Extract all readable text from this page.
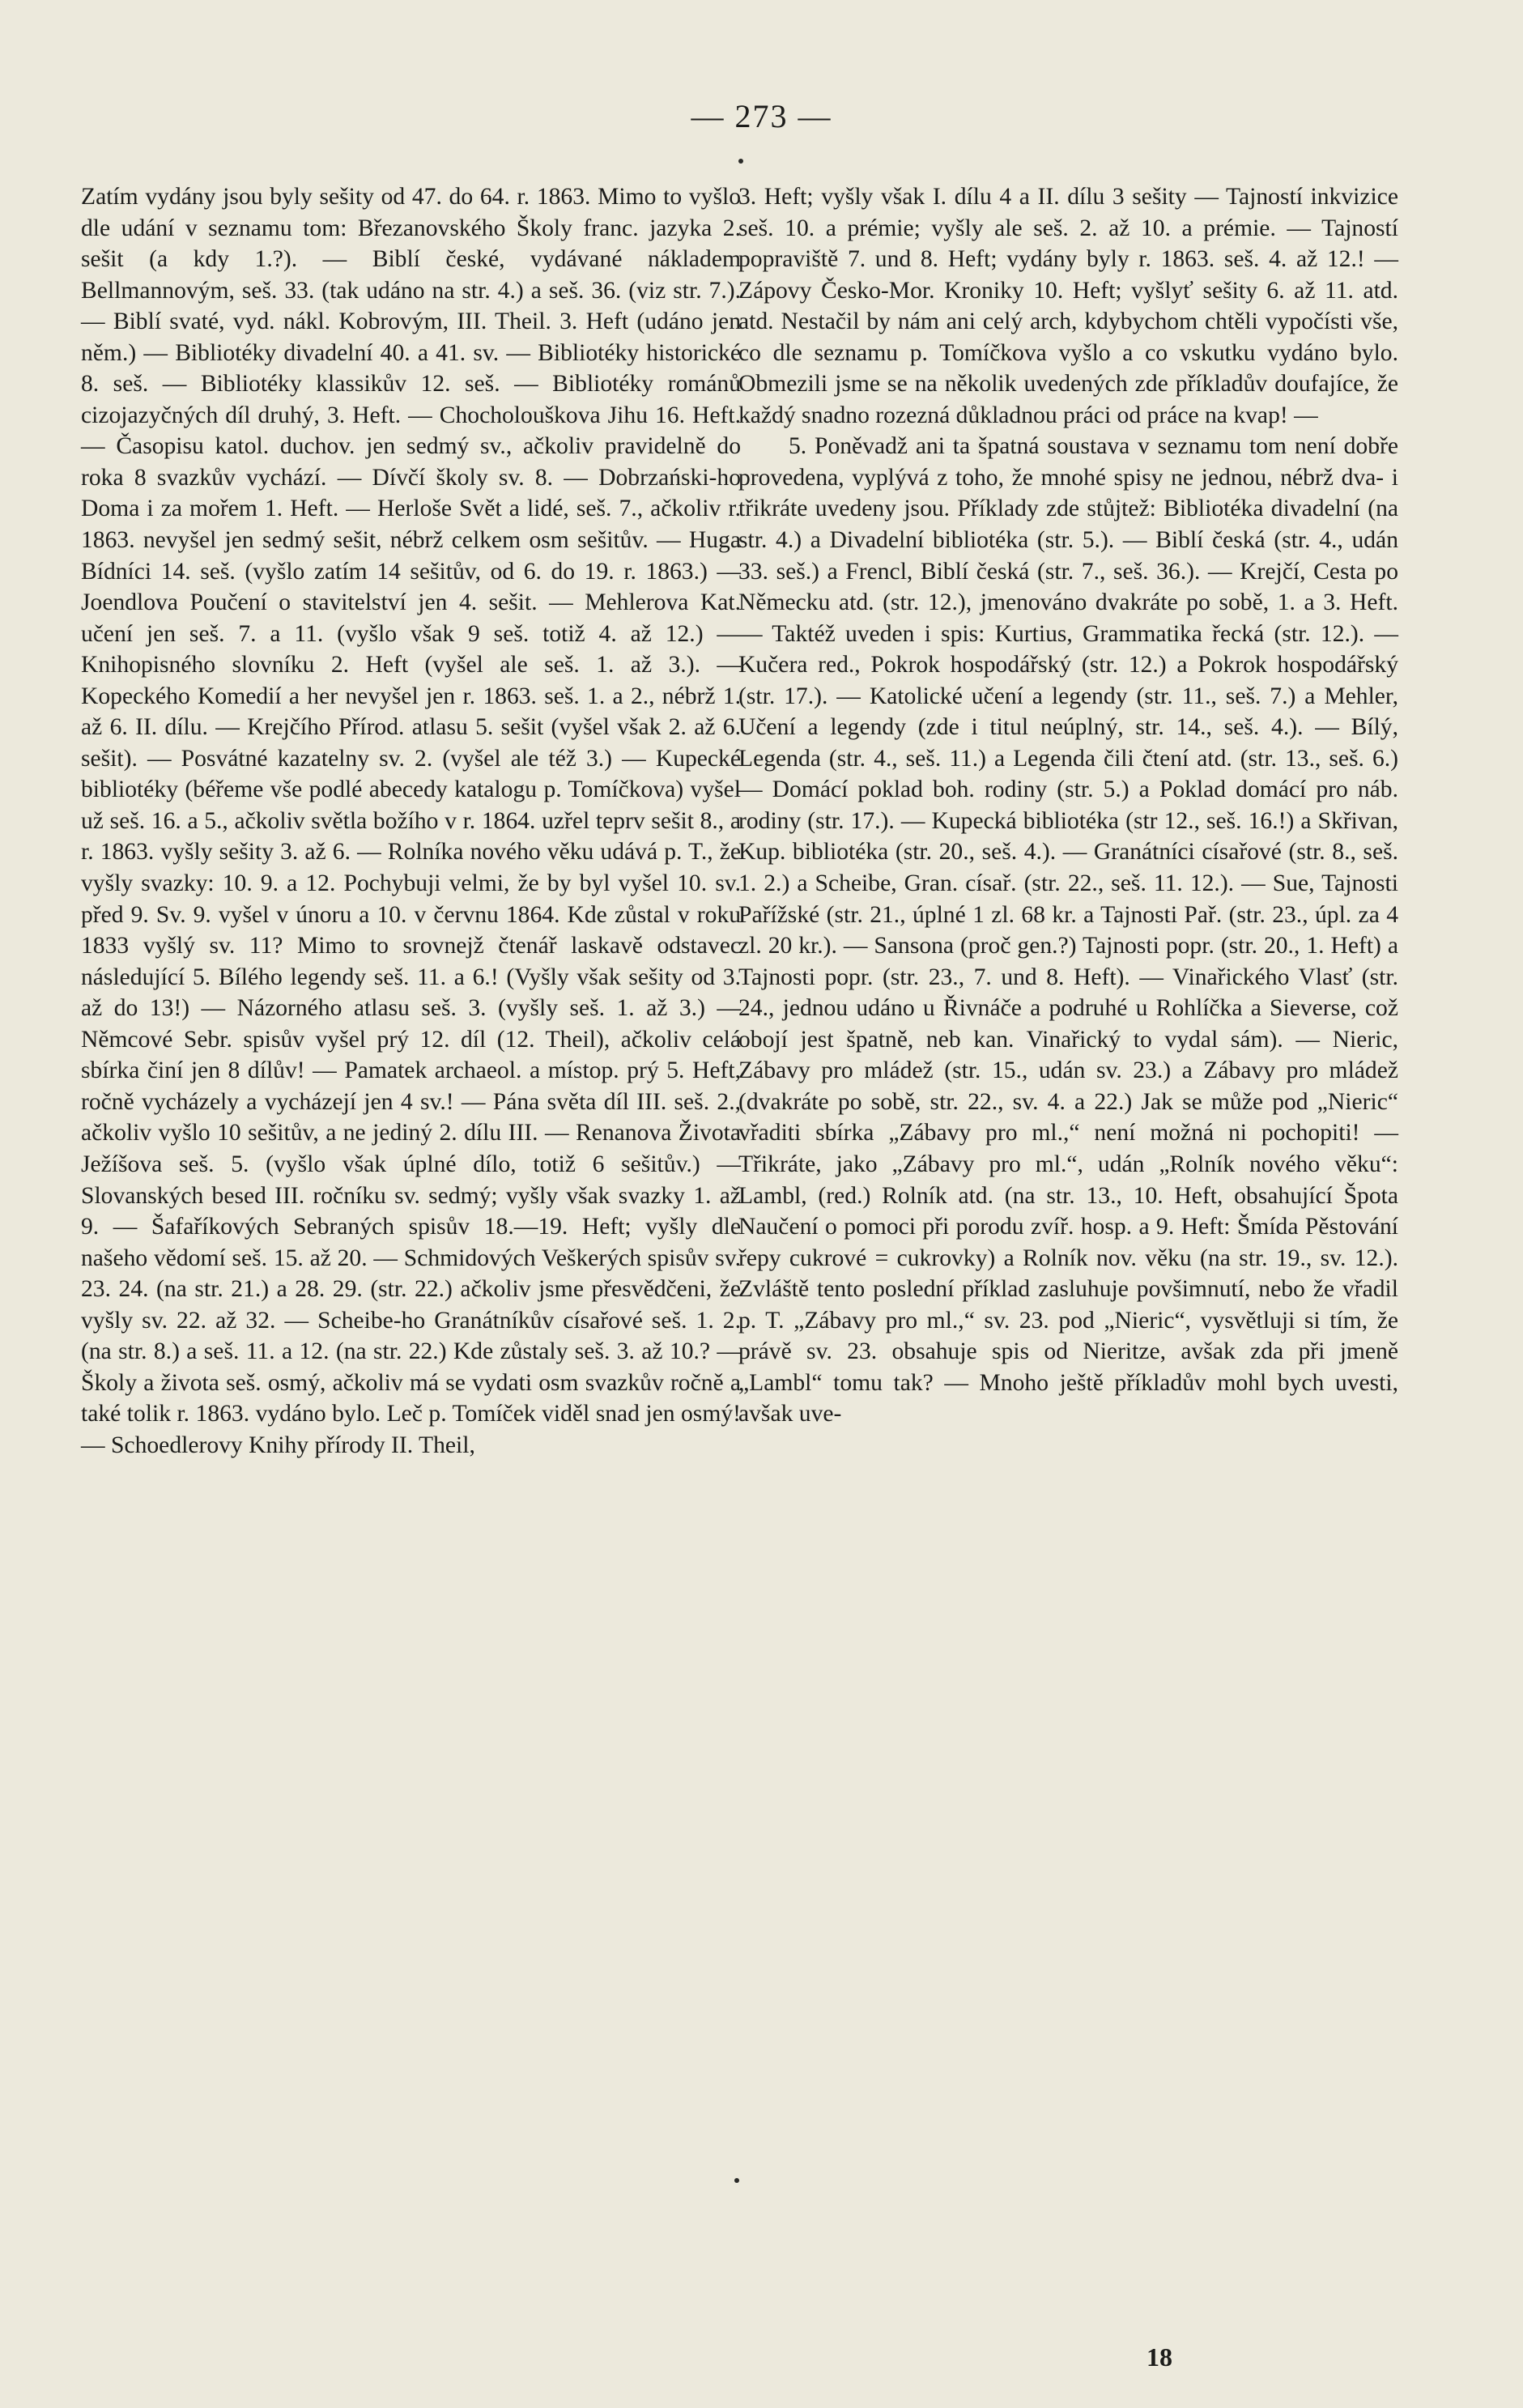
— 273 —

Zatím vydány jsou byly sešity od 47. do 64. r. 1863. Mimo to vyšlo dle udání v seznamu tom: Březanovského Školy franc. jazyka 2. sešit (a kdy 1.?). — Biblí české, vydávané nákladem Bellmannovým, seš. 33. (tak udáno na str. 4.) a seš. 36. (viz str. 7.). — Biblí svaté, vyd. nákl. Kobrovým, III. Theil. 3. Heft (udáno jen něm.) — Bibliotéky divadelní 40. a 41. sv. — Bibliotéky historické 8. seš. — Bibliotéky klassikův 12. seš. — Bibliotéky románů cizojazyčných díl druhý, 3. Heft. — Chocholouškova Jihu 16. Heft. — Časopisu katol. duchov. jen sedmý sv., ačkoliv pravidelně do roka 8 svazkův vychází. — Dívčí školy sv. 8. — Dobrzański-ho Doma i za mořem 1. Heft. — Herloše Svět a lidé, seš. 7., ačkoliv r. 1863. nevyšel jen sedmý sešit, nébrž celkem osm sešitův. — Huga Bídníci 14. seš. (vyšlo zatím 14 sešitův, od 6. do 19. r. 1863.) — Joendlova Poučení o stavitelství jen 4. sešit. — Mehlerova Kat. učení jen seš. 7. a 11. (vyšlo však 9 seš. totiž 4. až 12.) — Knihopisného slovníku 2. Heft (vyšel ale seš. 1. až 3.). — Kopeckého Komedií a her nevyšel jen r. 1863. seš. 1. a 2., nébrž 1. až 6. II. dílu. — Krejčího Přírod. atlasu 5. sešit (vyšel však 2. až 6. sešit). — Posvátné kazatelny sv. 2. (vyšel ale též 3.) — Kupecké bibliotéky (béřeme vše podlé abecedy katalogu p. Tomíčkova) vyšel už seš. 16. a 5., ačkoliv světla božího v r. 1864. uzřel teprv sešit 8., a r. 1863. vyšly sešity 3. až 6. — Rolníka nového věku udává p. T., že vyšly svazky: 10. 9. a 12. Pochybuji velmi, že by byl vyšel 10. sv. před 9. Sv. 9. vyšel v únoru a 10. v červnu 1864. Kde zůstal v roku 1833 vyšlý sv. 11? Mimo to srovnejž čtenář laskavě odstavec následující 5. Bílého legendy seš. 11. a 6.! (Vyšly však sešity od 3. až do 13!) — Názorného atlasu seš. 3. (vyšly seš. 1. až 3.) — Němcové Sebr. spisův vyšel prý 12. díl (12. Theil), ačkoliv celá sbírka činí jen 8 dílův! — Pamatek archaeol. a místop. prý 5. Heft, ročně vycházely a vycházejí jen 4 sv.! — Pána světa díl III. seš. 2., ačkoliv vyšlo 10 sešitův, a ne jediný 2. dílu III. — Renanova Života Ježíšova seš. 5. (vyšlo však úplné dílo, totiž 6 sešitův.) — Slovanských besed III. ročníku sv. sedmý; vyšly však svazky 1. až 9. — Šafaříkových Sebraných spisův 18.—19. Heft; vyšly dle našeho vědomí seš. 15. až 20. — Schmidových Veškerých spisův sv. 23. 24. (na str. 21.) a 28. 29. (str. 22.) ačkoliv jsme přesvědčeni, že vyšly sv. 22. až 32. — Scheibe-ho Granátníkův císařové seš. 1. 2. (na str. 8.) a seš. 11. a 12. (na str. 22.) Kde zůstaly seš. 3. až 10.? — Školy a života seš. osmý, ačkoliv má se vydati osm svazkův ročně a také tolik r. 1863. vydáno bylo. Leč p. Tomíček viděl snad jen osmý! — Schoedlerovy Knihy přírody II. Theil,

3. Heft; vyšly však I. dílu 4 a II. dílu 3 sešity — Tajností inkvizice seš. 10. a prémie; vyšly ale seš. 2. až 10. a prémie. — Tajností popraviště 7. und 8. Heft; vydány byly r. 1863. seš. 4. až 12.! — Zápovy Česko-Mor. Kroniky 10. Heft; vyšlyť sešity 6. až 11. atd. atd. Nestačil by nám ani celý arch, kdybychom chtěli vypočísti vše, co dle seznamu p. Tomíčkova vyšlo a co vskutku vydáno bylo. Obmezili jsme se na několik uvedených zde příkladův doufajíce, že každý snadno rozezná důkladnou práci od práce na kvap! —

5. Poněvadž ani ta špatná soustava v seznamu tom není dobře provedena, vyplývá z toho, že mnohé spisy ne jednou, nébrž dva- i třikráte uvedeny jsou. Příklady zde stůjtež: Bibliotéka divadelní (na str. 4.) a Divadelní bibliotéka (str. 5.). — Biblí česká (str. 4., udán 33. seš.) a Frencl, Biblí česká (str. 7., seš. 36.). — Krejčí, Cesta po Německu atd. (str. 12.), jmenováno dvakráte po sobě, 1. a 3. Heft. — Taktéž uveden i spis: Kurtius, Grammatika řecká (str. 12.). — Kučera red., Pokrok hospodářský (str. 12.) a Pokrok hospodářský (str. 17.). — Katolické učení a legendy (str. 11., seš. 7.) a Mehler, Učení a legendy (zde i titul neúplný, str. 14., seš. 4.). — Bílý, Legenda (str. 4., seš. 11.) a Legenda čili čtení atd. (str. 13., seš. 6.) — Domácí poklad boh. rodiny (str. 5.) a Poklad domácí pro náb. rodiny (str. 17.). — Kupecká bibliotéka (str 12., seš. 16.!) a Skřivan, Kup. bibliotéka (str. 20., seš. 4.). — Granátníci císařové (str. 8., seš. 1. 2.) a Scheibe, Gran. císař. (str. 22., seš. 11. 12.). — Sue, Tajnosti Pařížské (str. 21., úplné 1 zl. 68 kr. a Tajnosti Pař. (str. 23., úpl. za 4 zl. 20 kr.). — Sansona (proč gen.?) Tajnosti popr. (str. 20., 1. Heft) a Tajnosti popr. (str. 23., 7. und 8. Heft). — Vinařického Vlasť (str. 24., jednou udáno u Řivnáče a podruhé u Rohlíčka a Sieverse, což obojí jest špatně, neb kan. Vinařický to vydal sám). — Nieric, Zábavy pro mládež (str. 15., udán sv. 23.) a Zábavy pro mládež (dvakráte po sobě, str. 22., sv. 4. a 22.) Jak se může pod „Nieric“ vřaditi sbírka „Zábavy pro ml.,“ není možná ni pochopiti! — Třikráte, jako „Zábavy pro ml.“, udán „Rolník nového věku“: Lambl, (red.) Rolník atd. (na str. 13., 10. Heft, obsahující Špota Naučení o pomoci při porodu zvíř. hosp. a 9. Heft: Šmída Pěstování řepy cukrové = cukrovky) a Rolník nov. věku (na str. 19., sv. 12.). Zvláště tento poslední příklad zasluhuje povšimnutí, nebo že vřadil p. T. „Zábavy pro ml.,“ sv. 23. pod „Nieric“, vysvětluji si tím, že právě sv. 23. obsahuje spis od Nieritze, avšak zda při jmeně „Lambl“ tomu tak? — Mnoho ještě příkladův mohl bych uvesti, avšak uve-

18
